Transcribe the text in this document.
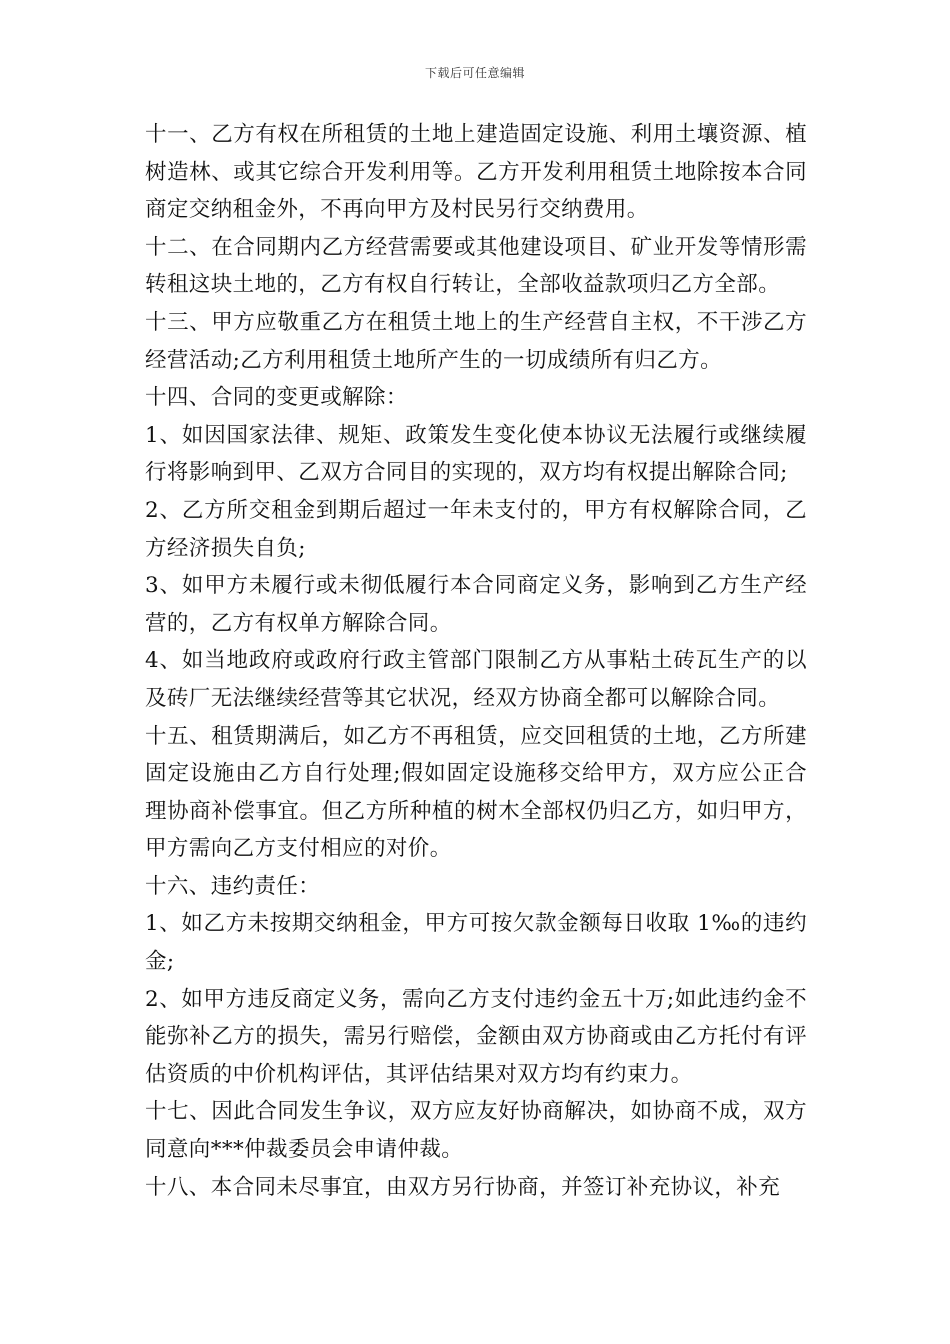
下载后可任意编辑

十一、乙方有权在所租赁的土地上建造固定设施、利用土壤资源、植树造林、或其它综合开发利用等。乙方开发利用租赁土地除按本合同商定交纳租金外，不再向甲方及村民另行交纳费用。

十二、在合同期内乙方经营需要或其他建设项目、矿业开发等情形需转租这块土地的，乙方有权自行转让，全部收益款项归乙方全部。

十三、甲方应敬重乙方在租赁土地上的生产经营自主权，不干涉乙方经营活动;乙方利用租赁土地所产生的一切成绩所有归乙方。

十四、合同的变更或解除：

1、如因国家法律、规矩、政策发生变化使本协议无法履行或继续履行将影响到甲、乙双方合同目的实现的，双方均有权提出解除合同;

2、乙方所交租金到期后超过一年未支付的，甲方有权解除合同，乙方经济损失自负;

3、如甲方未履行或未彻低履行本合同商定义务，影响到乙方生产经营的，乙方有权单方解除合同。

4、如当地政府或政府行政主管部门限制乙方从事粘土砖瓦生产的以及砖厂无法继续经营等其它状况，经双方协商全都可以解除合同。

十五、租赁期满后，如乙方不再租赁，应交回租赁的土地，乙方所建固定设施由乙方自行处理;假如固定设施移交给甲方，双方应公正合理协商补偿事宜。但乙方所种植的树木全部权仍归乙方，如归甲方，甲方需向乙方支付相应的对价。

十六、违约责任：

1、如乙方未按期交纳租金，甲方可按欠款金额每日收取 1‰的违约金;

2、如甲方违反商定义务，需向乙方支付违约金五十万;如此违约金不能弥补乙方的损失，需另行赔偿，金额由双方协商或由乙方托付有评估资质的中价机构评估，其评估结果对双方均有约束力。

十七、因此合同发生争议，双方应友好协商解决，如协商不成，双方同意向***仲裁委员会申请仲裁。

十八、本合同未尽事宜，由双方另行协商，并签订补充协议，补充
